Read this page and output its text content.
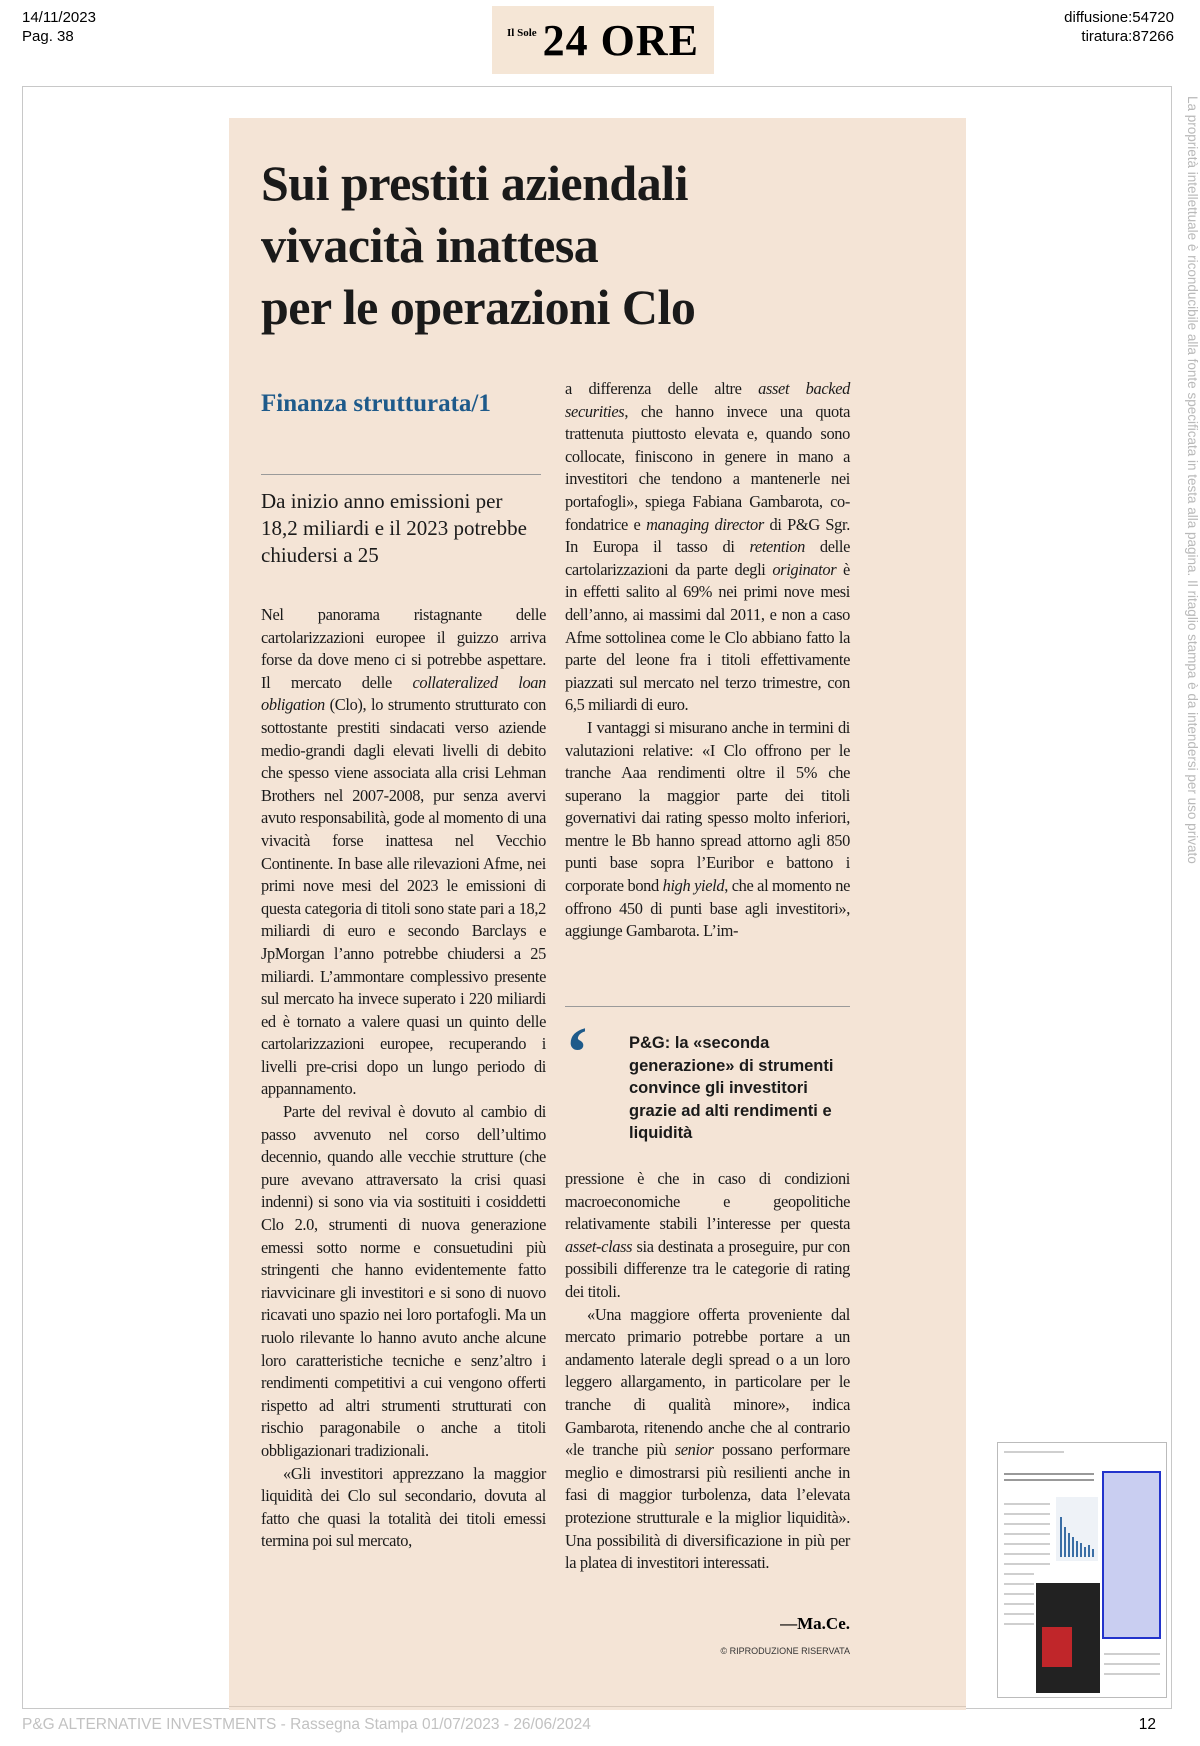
14/11/2023
Pag. 38	Il Sole 24 ORE	diffusione:54720
tiratura:87266
La proprietà intellettuale è riconducibile alla fonte specificata in testa alla pagina. Il ritaglio stampa è da intendersi per uso privato
Sui prestiti aziendali
vivacità inattesa
per le operazioni Clo
Finanza strutturata/1
Da inizio anno emissioni per 18,2 miliardi e il 2023 potrebbe chiudersi a 25

Nel panorama ristagnante delle cartolarizzazioni europee il guizzo arriva forse da dove meno ci si potrebbe aspettare. Il mercato delle collateralized loan obligation (Clo), lo strumento strutturato con sottostante prestiti sindacati verso aziende medio-grandi dagli elevati livelli di debito che spesso viene associata alla crisi Lehman Brothers nel 2007-2008, pur senza avervi avuto responsabilità, gode al momento di una vivacità forse inattesa nel Vecchio Continente. In base alle rilevazioni Afme, nei primi nove mesi del 2023 le emissioni di questa categoria di titoli sono state pari a 18,2 miliardi di euro e secondo Barclays e JpMorgan l’anno potrebbe chiudersi a 25 miliardi. L’ammontare complessivo presente sul mercato ha invece superato i 220 miliardi ed è tornato a valere quasi un quinto delle cartolarizzazioni europee, recuperando i livelli pre-crisi dopo un lungo periodo di appannamento.

Parte del revival è dovuto al cambio di passo avvenuto nel corso dell’ultimo decennio, quando alle vecchie strutture (che pure avevano attraversato la crisi quasi indenni) si sono via via sostituiti i cosiddetti Clo 2.0, strumenti di nuova generazione emessi sotto norme e consuetudini più stringenti che hanno evidentemente fatto riavvicinare gli investitori e si sono di nuovo ricavati uno spazio nei loro portafogli. Ma un ruolo rilevante lo hanno avuto anche alcune loro caratteristiche tecniche e senz’altro i rendimenti competitivi a cui vengono offerti rispetto ad altri strumenti strutturati con rischio paragonabile o anche a titoli obbligazionari tradizionali.

«Gli investitori apprezzano la maggior liquidità dei Clo sul secondario, dovuta al fatto che quasi la totalità dei titoli emessi termina poi sul mercato,

a differenza delle altre asset backed securities, che hanno invece una quota trattenuta piuttosto elevata e, quando sono collocate, finiscono in genere in mano a investitori che tendono a mantenerle nei portafogli», spiega Fabiana Gambarota, co-fondatrice e managing director di P&G Sgr. In Europa il tasso di retention delle cartolarizzazioni da parte degli originator è in effetti salito al 69% nei primi nove mesi dell’anno, ai massimi dal 2011, e non a caso Afme sottolinea come le Clo abbiano fatto la parte del leone fra i titoli effettivamente piazzati sul mercato nel terzo trimestre, con 6,5 miliardi di euro.

I vantaggi si misurano anche in termini di valutazioni relative: «I Clo offrono per le tranche Aaa rendimenti oltre il 5% che superano la maggior parte dei titoli governativi dai rating spesso molto inferiori, mentre le Bb hanno spread attorno agli 850 punti base sopra l’Euribor e battono i corporate bond high yield, che al momento ne offrono 450 di punti base agli investitori», aggiunge Gambarota. L’im-

‘ P&G: la «seconda generazione» di strumenti convince gli investitori grazie ad alti rendimenti e liquidità

pressione è che in caso di condizioni macroeconomiche e geopolitiche relativamente stabili l’interesse per questa asset-class sia destinata a proseguire, pur con possibili differenze tra le categorie di rating dei titoli.

«Una maggiore offerta proveniente dal mercato primario potrebbe portare a un andamento laterale degli spread o a un loro leggero allargamento, in particolare per le tranche di qualità minore», indica Gambarota, ritenendo anche che al contrario «le tranche più senior possano performare meglio e dimostrarsi più resilienti anche in fasi di maggior turbolenza, data l’elevata protezione strutturale e la miglior liquidità». Una possibilità di diversificazione in più per la platea di investitori interessati.

—Ma.Ce.
© RIPRODUZIONE RISERVATA
P&G ALTERNATIVE INVESTMENTS - Rassegna Stampa 01/07/2023 - 26/06/2024	12
